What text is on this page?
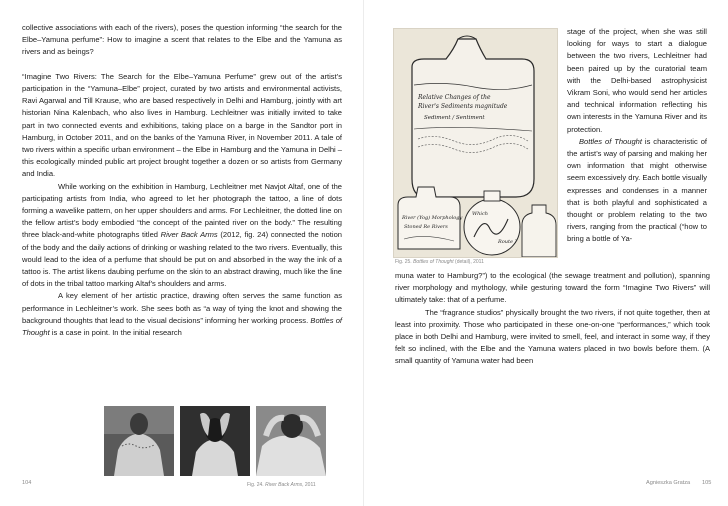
collective associations with each of the rivers), poses the question informing “the search for the Elbe–Yamuna perfume”: How to imagine a scent that relates to the Elbe and the Yamuna as rivers and as beings?

“Imagine Two Rivers: The Search for the Elbe–Yamuna Perfume” grew out of the artist’s participation in the “Yamuna–Elbe” project, curated by two artists and environmental activists, Ravi Agarwal and Till Krause, who are based respectively in Delhi and Hamburg, jointly with art historian Nina Kalenbach, who also lives in Hamburg. Lechleitner was initially invited to take part in two connected events and exhibitions, taking place on a barge in the Sandtor port in Hamburg, in October 2011, and on the banks of the Yamuna River, in November 2011. A tale of two rivers within a specific urban environment – the Elbe in Hamburg and the Yamuna in Delhi – this ecologically minded public art project brought together a dozen or so artists from Germany and India.

While working on the exhibition in Hamburg, Lechleitner met Navjot Altaf, one of the participating artists from India, who agreed to let her photograph the tattoo, a line of dots forming a wavelike pattern, on her upper shoulders and arms. For Lechleitner, the dotted line on the fellow artist’s body embodied “the concept of the painted river on the body.” The resulting three black-and-white photographs titled River Back Arms (2012, fig. 24) connected the notion of the body and the daily actions of drinking or washing related to the two rivers. Eventually, this would lead to the idea of a perfume that should be put on and absorbed in the way the ink of a tattoo is. The artist likens daubing perfume on the skin to an abstract drawing, much like the line of dots in the tribal tattoo marking Altaf’s shoulders and arms.

A key element of her artistic practice, drawing often serves the same function as performance in Lechleitner’s work. She sees both as “a way of tying the knot and showing the background thoughts that lead to the visual decisions” informing her working process. Bottles of Thought is a case in point. In the initial research

Fig. 24. River Back Arms, 2011
104
Relative Changes of the
River's Sediments magnitude
Sediment / Sentiment
River (Yog) Morphology
Stoned Re Rivers
Which
Route ?
Fig. 25. Bottles of Thought (detail), 2011

stage of the project, when she was still looking for ways to start a dialogue between the two rivers, Lechleitner had been paired up by the curatorial team with the Delhi-based astrophysicist Vikram Soni, who would send her articles and technical information reflecting his own interests in the Yamuna River and its protection.

Bottles of Thought is characteristic of the artist’s way of parsing and making her own information that might otherwise seem excessively dry. Each bottle visually expresses and condenses in a manner that is both playful and sophisticated a thought or problem relating to the two rivers, ranging from the practical (“how to bring a bottle of Ya-

muna water to Hamburg?”) to the ecological (the sewage treatment and pollution), spanning river morphology and mythology, while gesturing toward the form “Imagine Two Rivers” will ultimately take: that of a perfume.

The “fragrance studios” physically brought the two rivers, if not quite together, then at least into proximity. Those who participated in these one-on-one “performances,” which took place in both Delhi and Hamburg, were invited to smell, feel, and interact in some way, if they felt so inclined, with the Elbe and the Yamuna waters placed in two bowls before them. (A small quantity of Yamuna water had been

Agnieszka Gratza 105
